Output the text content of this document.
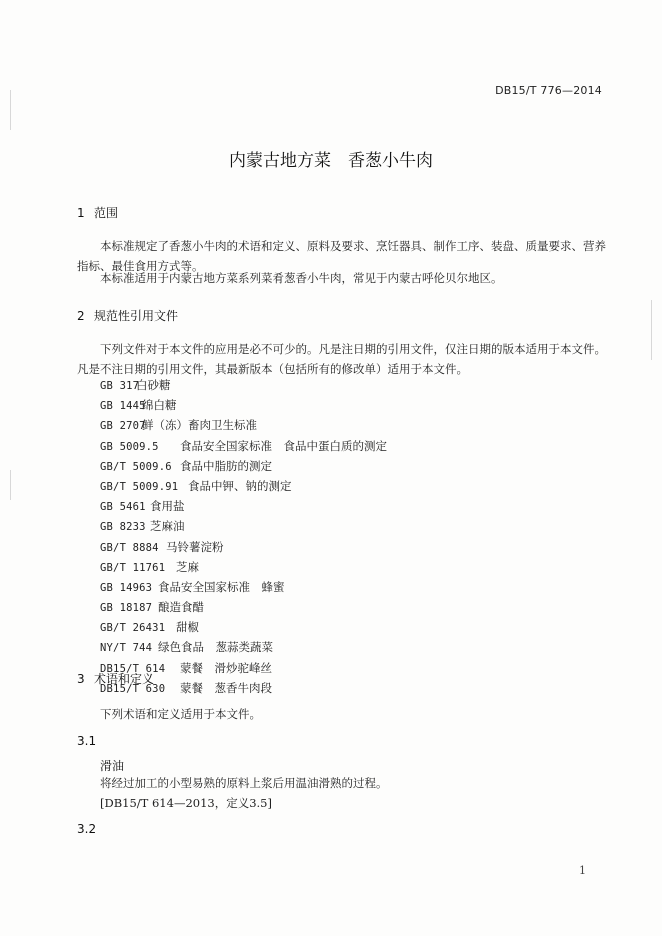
DB15/T 776—2014
内蒙古地方菜　香葱小牛肉
1 范围
本标准规定了香葱小牛肉的术语和定义、原料及要求、烹饪器具、制作工序、装盘、质量要求、营养指标、最佳食用方式等。
本标准适用于内蒙古地方菜系列菜肴葱香小牛肉，常见于内蒙古呼伦贝尔地区。
2 规范性引用文件
下列文件对于本文件的应用是必不可少的。凡是注日期的引用文件，仅注日期的版本适用于本文件。凡是不注日期的引用文件，其最新版本（包括所有的修改单）适用于本文件。
GB 317白砂糖
GB 1445绵白糖
GB 2707鲜（冻）畜肉卫生标准
GB 5009.5 食品安全国家标准　食品中蛋白质的测定
GB/T 5009.6 食品中脂肪的测定
GB/T 5009.91 食品中钾、钠的测定
GB 5461 食用盐
GB 8233 芝麻油
GB/T 8884 马铃薯淀粉
GB/T 11761 芝麻
GB 14963 食品安全国家标准　蜂蜜
GB 18187 酿造食醋
GB/T 26431 甜椒
NY/T 744 绿色食品　葱蒜类蔬菜
DB15/T 614 蒙餐　滑炒驼峰丝
DB15/T 630 蒙餐　葱香牛肉段
3 术语和定义
下列术语和定义适用于本文件。
3.1
滑油
将经过加工的小型易熟的原料上浆后用温油滑熟的过程。
[DB15/T 614—2013，定义3.5]
3.2
1
